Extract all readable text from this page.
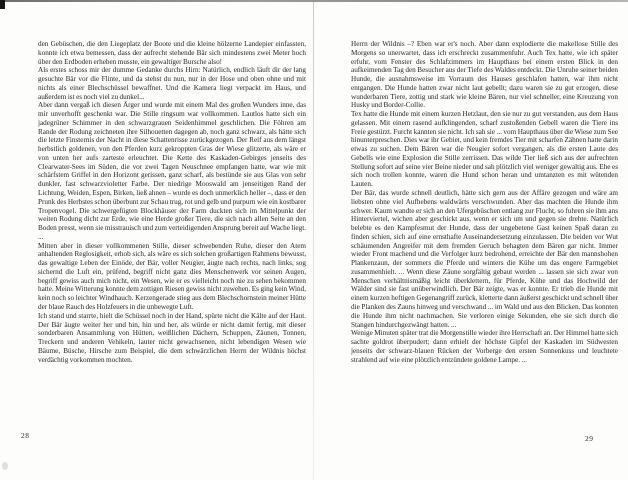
den Gebüschen, die den Liegeplatz der Boote und die kleine hölzerne Landepier einfassten, konnte ich etwa bemessen, dass der aufrecht stehende Bär sich mindestens zwei Meter hoch über den Erdboden erheben musste, ein gewaltiger Bursche also!

Als erstes schoss mir der dumme Gedanke durchs Hirn: Natürlich, endlich läuft dir der lang gesuchte Bär vor die Flinte, und da stehst du nun, nur in der Hose und oben ohne und mit nichts als einer Blechschüssel bewaffnet. Und die Kamera liegt verpackt im Haus, und außerdem ist es noch viel zu dunkel...

Aber dann vergaß ich diesen Ärger und wurde mit einem Mal des großen Wunders inne, das mir unverhofft geschenkt war. Die Stille ringsum war vollkommen. Lautlos hatte sich ein jadegrüner Schimmer in den schwarzgrauen Seidenhimmel geschlichen. Die Föhren am Rande der Rodung zeichneten ihre Silhouetten dagegen ab, noch ganz schwarz, als hätte sich die letzte Finsternis der Nacht in diese Schattenrisse zurückgezogen. Der Reif aus dem längst herbstlich goldenen, von den Pferden kurz gekroppten Gras der Wiese glitzerte, als wäre er von unten her aufs zarteste erleuchtet. Die Kette des Kaskaden-Gebirges jenseits des Clearwater-Sees im Süden, die vor zwei Tagen Neuschnee empfangen hatte, war wie mit schärfstem Griffel in den Horizont gerissen, ganz scharf, als bestünde sie aus Glas von sehr dunkler, fast schwarzvioletter Farbe. Der niedrige Mooswald am jenseitigen Rand der Lichtung, Weiden, Espen, Birken, ließ ahnen – wurde es doch unmerklich heller –, dass er den Prunk des Herbstes schon überbunt zur Schau trug, rot und gelb und purpurn wie ein kostbarer Tropenvogel. Die schwergefügten Blockhäuser der Farm duckten sich im Mittelpunkt der weiten Rodung dicht zur Erde, wie eine Herde großer Tiere, die sich nach allen Seite an den Boden presst, wenn sie misstrauisch und zum verteidigenden Ansprung bereit auf Wache liegt. ...

Mitten aber in dieser vollkommenen Stille, dieser schwebenden Ruhe, dieser den Atem anhaltenden Reglosigkeit, erhob sich, als wäre es sich solchen großartigen Rahmens bewusst, das gewaltige Leben der Einöde, der Bär, voller Neugier, äugte nach rechts, nach links, sog sichernd die Luft ein, prüfend, begriff nicht ganz dies Menschenwerk vor seinen Augen, begriff gewiss auch mich nicht, ein Wesen, wie er es vielleicht noch nie zu sehen bekommen hatte. Meine Witterung konnte dem zottigen Riesen gewiss nicht zuwehen. Es ging kein Wind, kein noch so leichter Windhauch. Kerzengerade stieg aus dem Blechschornstein meiner Hütte der blaue Rauch des Holzfeuers in die unbewegte Luft.

Ich stand und starrte, hielt die Schüssel noch in der Hand, spürte nicht die Kälte auf der Haut. Der Bär äugte weiter her und hin, hin und her, als würde er nicht damit fertig, mit dieser sonderbaren Ansammlung von Hütten, weißlichen Dächern, Schuppen, Zäunen, Tonnen, Treckern und anderen Vehikeln, lauter nicht gewachsenen, nicht lebendigen Wesen wie Bäume, Büsche, Hirsche zum Beispiel, die dem schwärzlichen Herrn der Wildnis höchst verdächtig vorkommen mochten.

Herrn der Wildnis –? Eben war er's noch. Aber dann explodierte die makellose Stille des Morgens so unerwartet, dass ich erschreckt zusammenfuhr. Auch Tex hatte, wie ich später erfuhr, vom Fenster des Schlafzimmers im Haupthaus bei einem ersten Blick in den aufkeimenden Tag den Besucher aus der Tiefe des Waldes entdeckt. Die Unruhe seiner beiden Hunde, die ausnahmsweise im Vorraum des Hauses geschlafen hatten, war ihm nicht entgangen. Die Hunde hatten zwar nicht laut gebellt; dazu waren sie zu gut erzogen, diese wunderbaren Tiere, zottig und stark wie kleine Bären, nur viel schneller, eine Kreuzung von Husky und Border-Collie.

Tex hatte die Hunde mit einem kurzen Hetzlaut, den sie nur zu gut verstanden, aus dem Haus gelassen. Mit einem rasend aufklingenden, scharf zustoßenden Gebell waren die Tiere ins Freie gestürzt. Furcht kannten sie nicht. Ich sah sie ... vom Haupthaus über die Wiese zum See hinunterpreschen. Dies war ihr Gebiet, und kein fremdes Tier mit scharfen Zähnen hatte darin etwas zu suchen. Dem Bären war die Neugier sofort vergangen, als die ersten Laute des Gebells wie eine Explosion die Stille zerrissen. Das wilde Tier ließ sich aus der aufrechten Stellung sofort auf seine vier Beine nieder und sah plötzlich viel weniger gewaltig aus. Ehe es sich noch trollen konnte, waren die Hund schon heran und umtanzten es mit wütenden Lauten.

Der Bär, das wurde schnell deutlich, hätte sich gern aus der Affäre gezogen und wäre am liebsten ohne viel Aufhebens waldwärts verschwunden. Aber das machten die Hunde ihm schwer. Kaum wandte er sich an den Ufergebüschen entlang zur Flucht, so fuhren sie ihm ans Hinterviertel, wichen aber geschickt aus, wenn er sich um und gegen sie drehte. Natürlich belebte es den Kampfesmut der Hunde, dass der ungebetene Gast keinen Spaß daran zu finden schien, sich auf eine ernsthafte Auseinandersetzung einzulassen. Die beiden vor Wut schäumenden Angreifer mit dem fremden Geruch behagten dem Bären gar nicht. Immer wieder Front machend und die Verfolger kurz bedrohend, erreichte der Bär den mannshohen Plankenzaun, der sommers die Pferde und winters die Kühe um das engere Farmgebiet zusammenhielt. ... Wenn diese Zäune sorgfältig gebaut werden ... lassen sie sich zwar von Menschen verhältnismäßig leicht überklettern, für Pferde, Kühe und das Hochwild der Wälder sind sie fast unüberwindlich. Der Bär zeigte, was er konnte. Er trieb die Hunde mit einem kurzen heftigen Gegenangriff zurück, kletterte dann äußerst geschickt und schnell über die Planken des Zauns hinweg und verschwand ... im Wald und aus den Blicken. Das konnten die Hunde ihm nicht nachmachen. Sie verloren einige Sekunden, ehe sie sich durch die Stangen hindurchgezwängt hatten. ...

Wenige Minuten später trat die Morgenstille wieder ihre Herrschaft an. Der Himmel hatte sich sachte goldrot überpudert; dann erhielt der höchste Gipfel der Kaskaden im Südwesten jenseits der schwarz-blauen Rücken der Vorberge den ersten Sonnenkuss und leuchtete strahlend auf wie eine plötzlich entzündete goldene Lampe. ...

28	29
